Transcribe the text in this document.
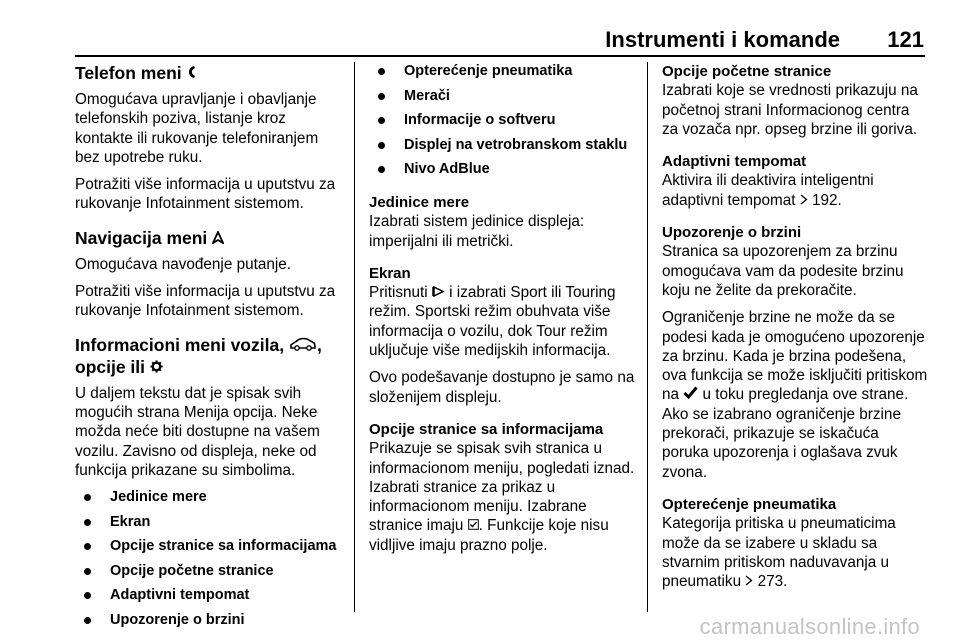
Instrumenti i komande 121
Telefon meni

Omogućava upravljanje i obavljanje telefonskih poziva, listanje kroz kontakte ili rukovanje telefoniranjem bez upotrebe ruku.

Potražiti više informacija u uputstvu za rukovanje Infotainment sistemom.

Navigacija meni

Omogućava navođenje putanje.

Potražiti više informacija u uputstvu za rukovanje Infotainment sistemom.

Informacioni meni vozila, ,
opcije ili

U daljem tekstu dat je spisak svih mogućih strana Menija opcija. Neke možda neće biti dostupne na vašem vozilu. Zavisno od displeja, neke od funkcija prikazane su simbolima.

Jedinice mere
Ekran
Opcije stranice sa informacijama
Opcije početne stranice
Adaptivni tempomat
Upozorenje o brzini
Opterećenje pneumatika
Merači
Informacije o softveru
Displej na vetrobranskom staklu
Nivo AdBlue
Jedinice mere

Izabrati sistem jedinice displeja: imperijalni ili metrički.

Ekran

Pritisnuti i izabrati Sport ili Touring režim. Sportski režim obuhvata više informacija o vozilu, dok Tour režim uključuje više medijskih informacija.

Ovo podešavanje dostupno je samo na složenijem displeju.

Opcije stranice sa informacijama

Prikazuje se spisak svih stranica u informacionom meniju, pogledati iznad. Izabrati stranice za prikaz u informacionom meniju. Izabrane stranice imaju . Funkcije koje nisu vidljive imaju prazno polje.

Opcije početne stranice

Izabrati koje se vrednosti prikazuju na početnoj strani Informacionog centra za vozača npr. opseg brzine ili goriva.

Adaptivni tempomat

Aktivira ili deaktivira inteligentni adaptivni tempomat 192.

Upozorenje o brzini

Stranica sa upozorenjem za brzinu omogućava vam da podesite brzinu koju ne želite da prekoračite.

Ograničenje brzine ne može da se podesi kada je omogućeno upozorenje za brzinu. Kada je brzina podešena, ova funkcija se može isključiti pritiskom na u toku pregledanja ove strane. Ako se izabrano ograničenje brzine prekorači, prikazuje se iskačuća poruka upozorenja i oglašava zvuk zvona.

Opterećenje pneumatika

Kategorija pritiska u pneumaticima može da se izabere u skladu sa stvarnim pritiskom naduvavanja u pneumatiku 273.

carmanualsonline.info
